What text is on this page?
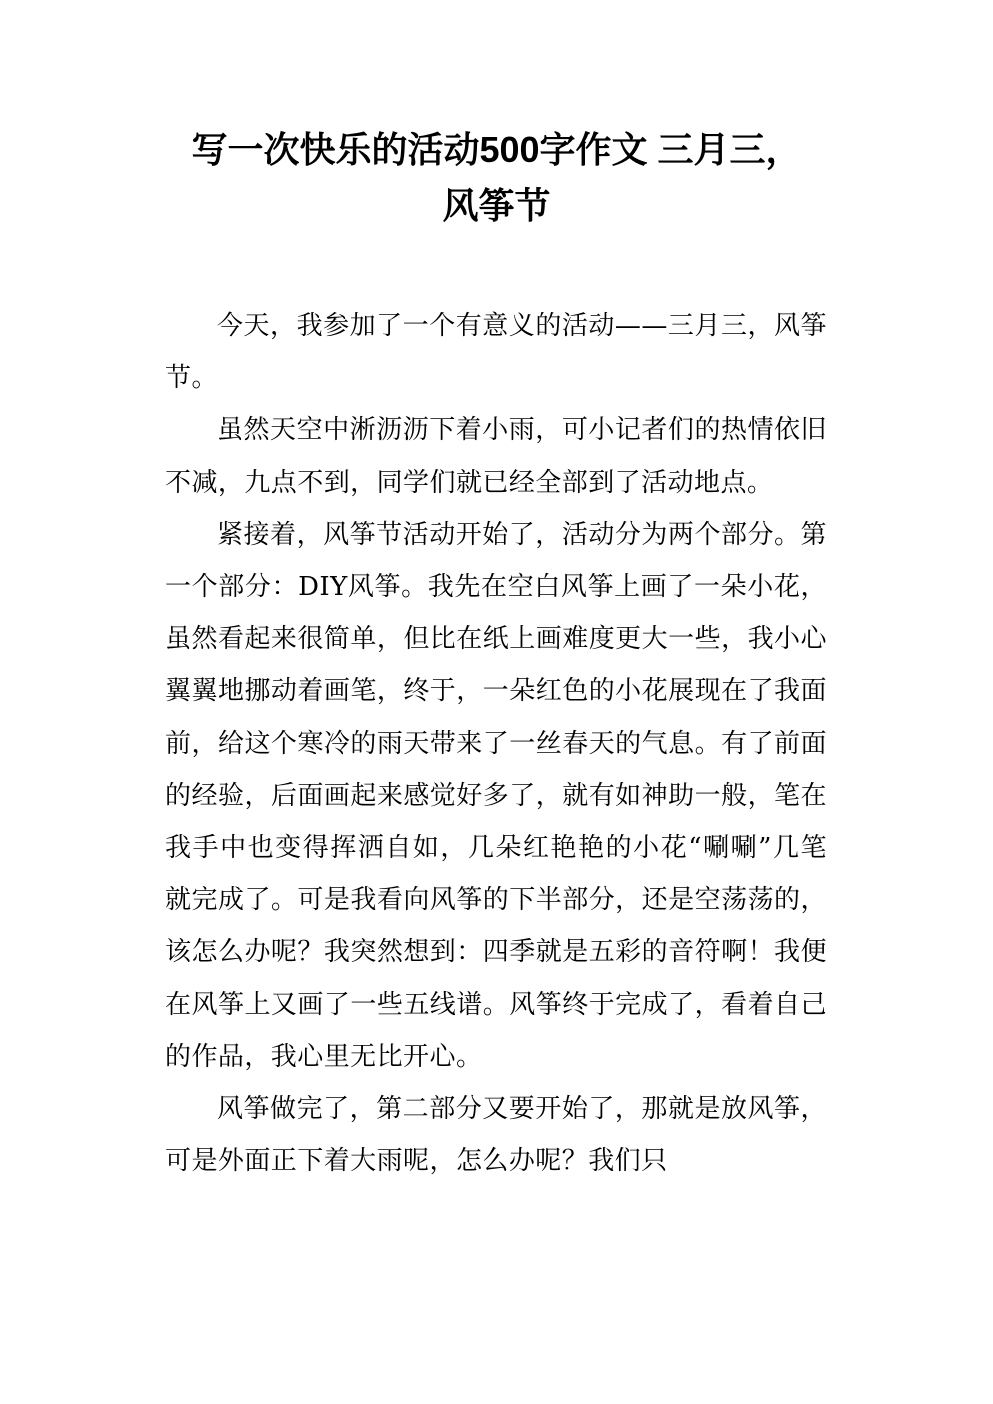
写一次快乐的活动500字作文 三月三，
风筝节

今天，我参加了一个有意义的活动——三月三，风筝节。

虽然天空中淅沥沥下着小雨，可小记者们的热情依旧不减，九点不到，同学们就已经全部到了活动地点。

紧接着，风筝节活动开始了，活动分为两个部分。第一个部分：DIY风筝。我先在空白风筝上画了一朵小花，虽然看起来很简单，但比在纸上画难度更大一些，我小心翼翼地挪动着画笔，终于，一朵红色的小花展现在了我面前，给这个寒冷的雨天带来了一丝春天的气息。有了前面的经验，后面画起来感觉好多了，就有如神助一般，笔在我手中也变得挥洒自如，几朵红艳艳的小花“唰唰”几笔就完成了。可是我看向风筝的下半部分，还是空荡荡的，该怎么办呢？我突然想到：四季就是五彩的音符啊！我便在风筝上又画了一些五线谱。风筝终于完成了，看着自己的作品，我心里无比开心。

风筝做完了，第二部分又要开始了，那就是放风筝，可是外面正下着大雨呢，怎么办呢？我们只
